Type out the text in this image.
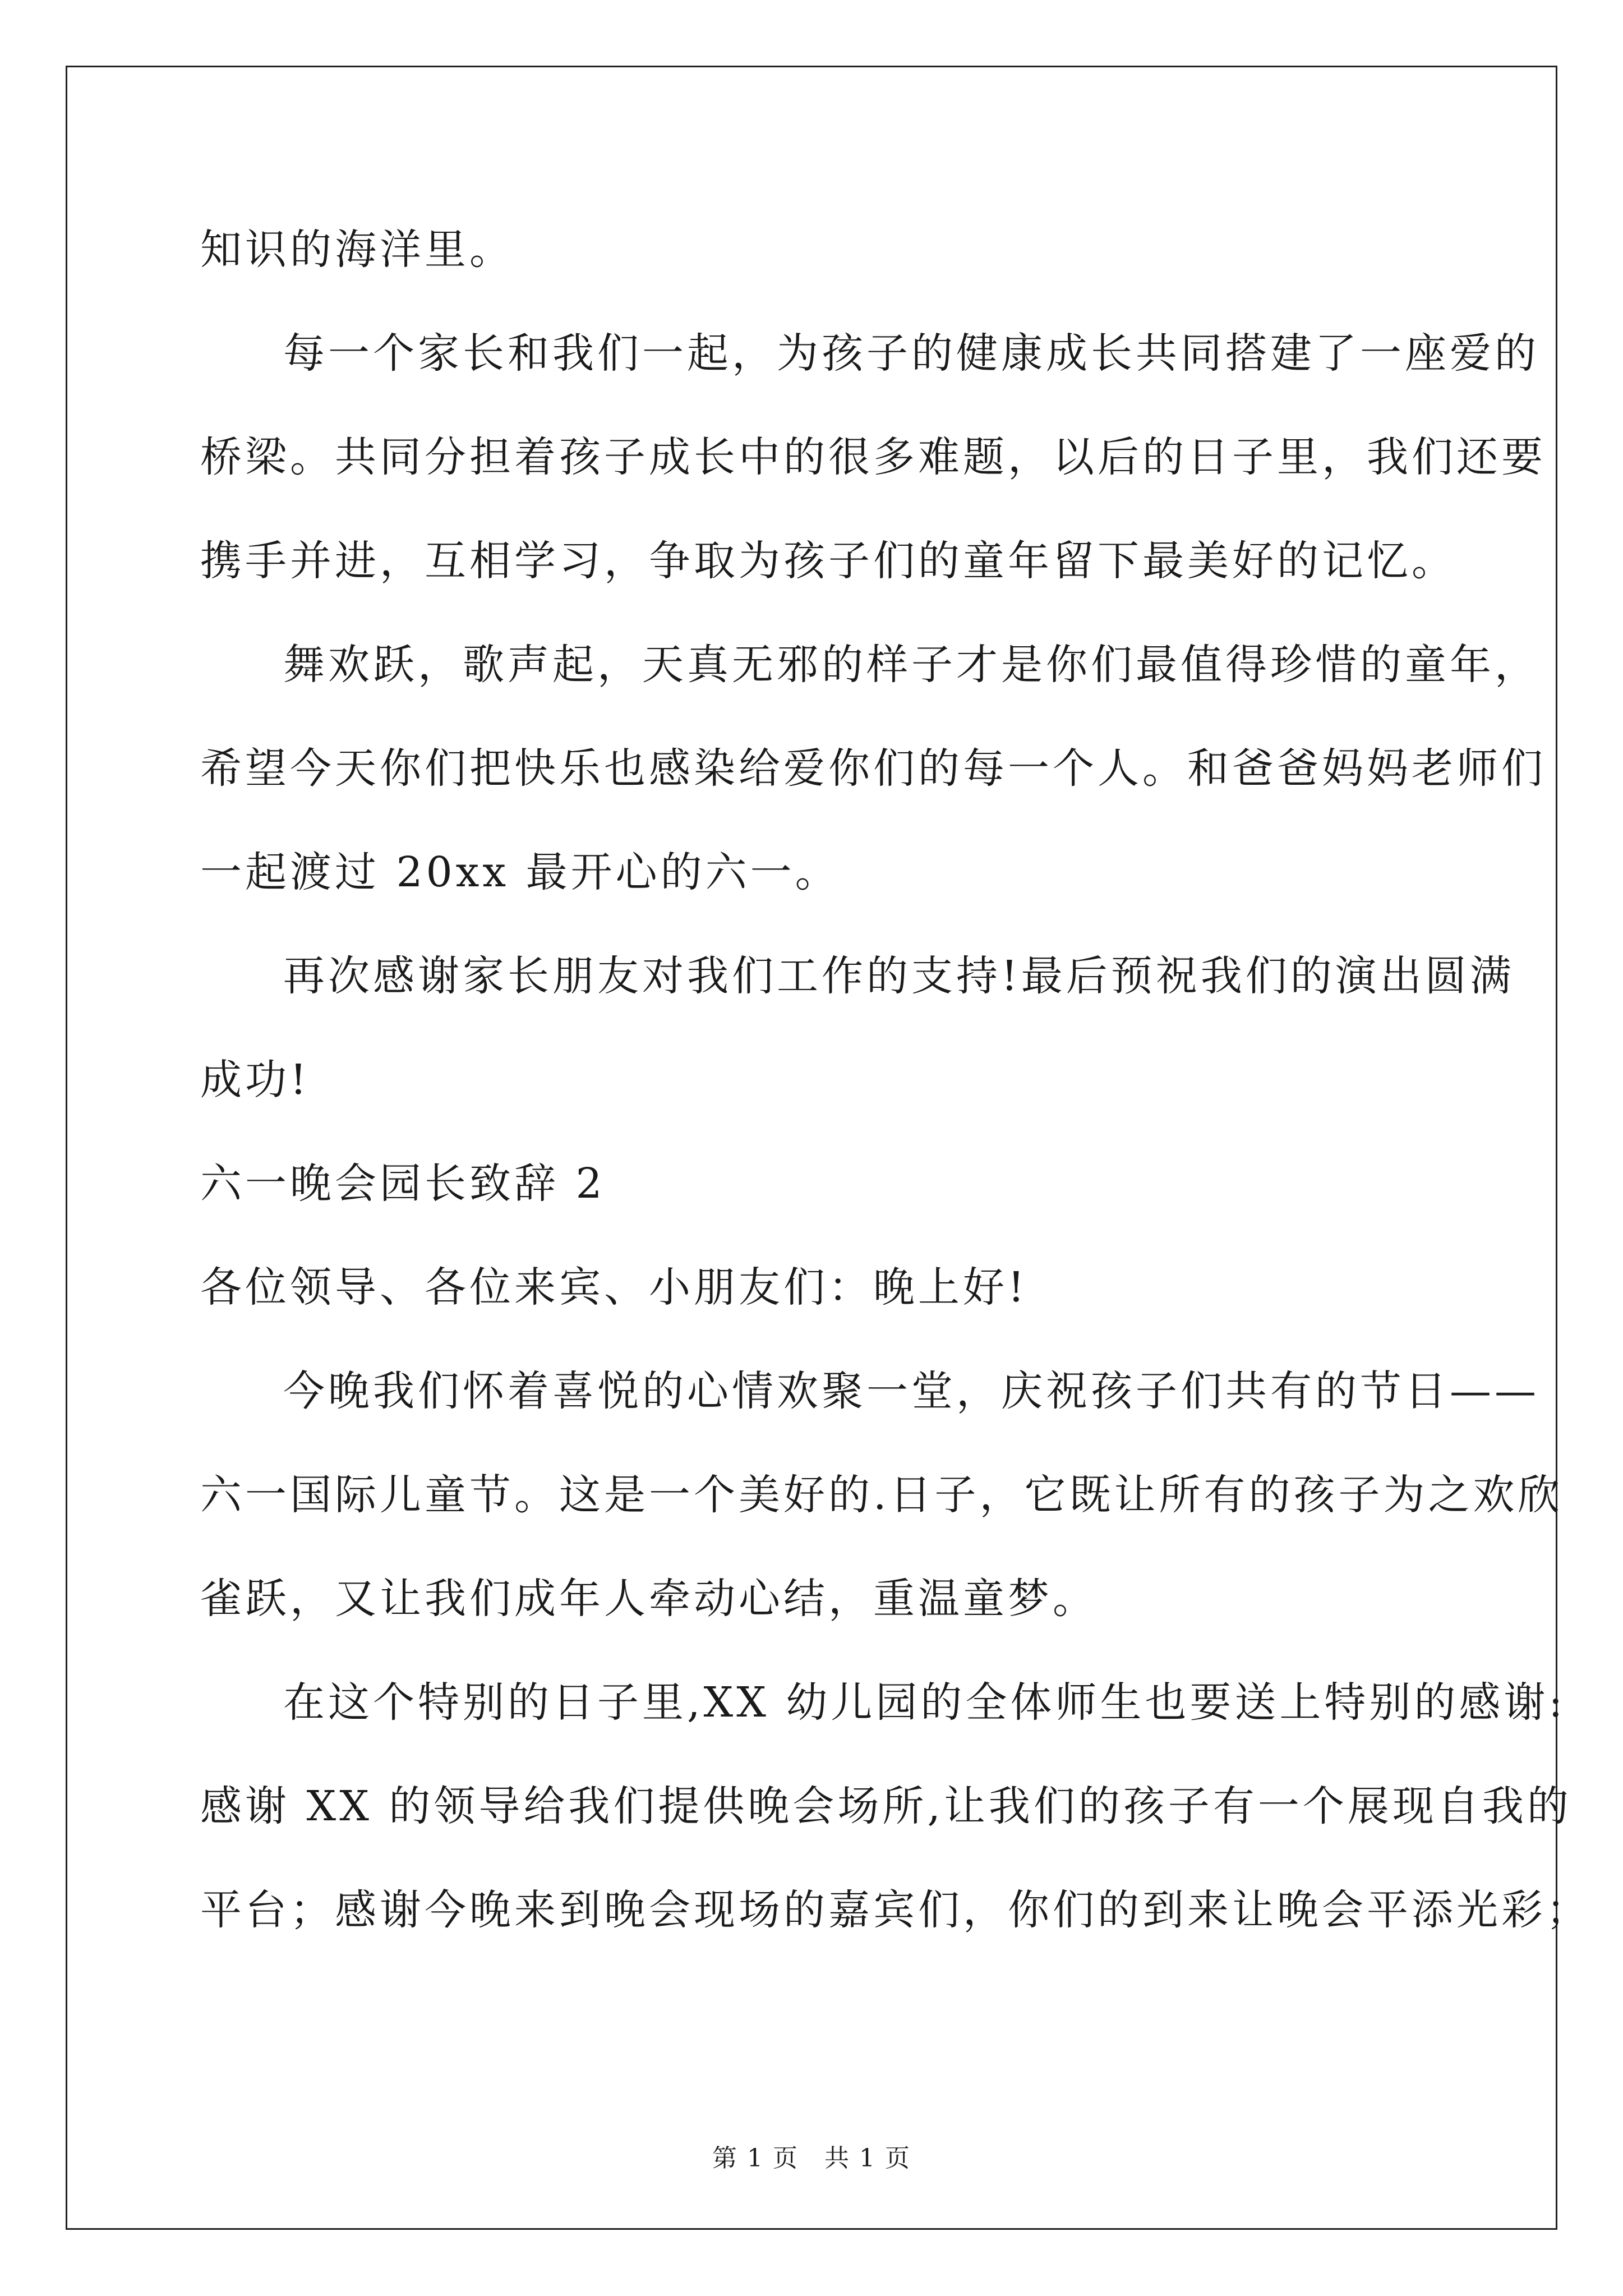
知识的海洋里。
每一个家长和我们一起，为孩子的健康成长共同搭建了一座爱的
桥梁。共同分担着孩子成长中的很多难题，以后的日子里，我们还要
携手并进，互相学习，争取为孩子们的童年留下最美好的记忆。
舞欢跃，歌声起，天真无邪的样子才是你们最值得珍惜的童年，
希望今天你们把快乐也感染给爱你们的每一个人。和爸爸妈妈老师们
一起渡过 20xx 最开心的六一。
再次感谢家长朋友对我们工作的支持!最后预祝我们的演出圆满
成功!
六一晚会园长致辞 2
各位领导、各位来宾、小朋友们：晚上好!
今晚我们怀着喜悦的心情欢聚一堂，庆祝孩子们共有的节日——
六一国际儿童节。这是一个美好的.日子，它既让所有的孩子为之欢欣
雀跃，又让我们成年人牵动心结，重温童梦。
在这个特别的日子里,XX 幼儿园的全体师生也要送上特别的感谢:
感谢 XX 的领导给我们提供晚会场所,让我们的孩子有一个展现自我的
平台；感谢今晚来到晚会现场的嘉宾们，你们的到来让晚会平添光彩；
第 1 页　共 1 页
